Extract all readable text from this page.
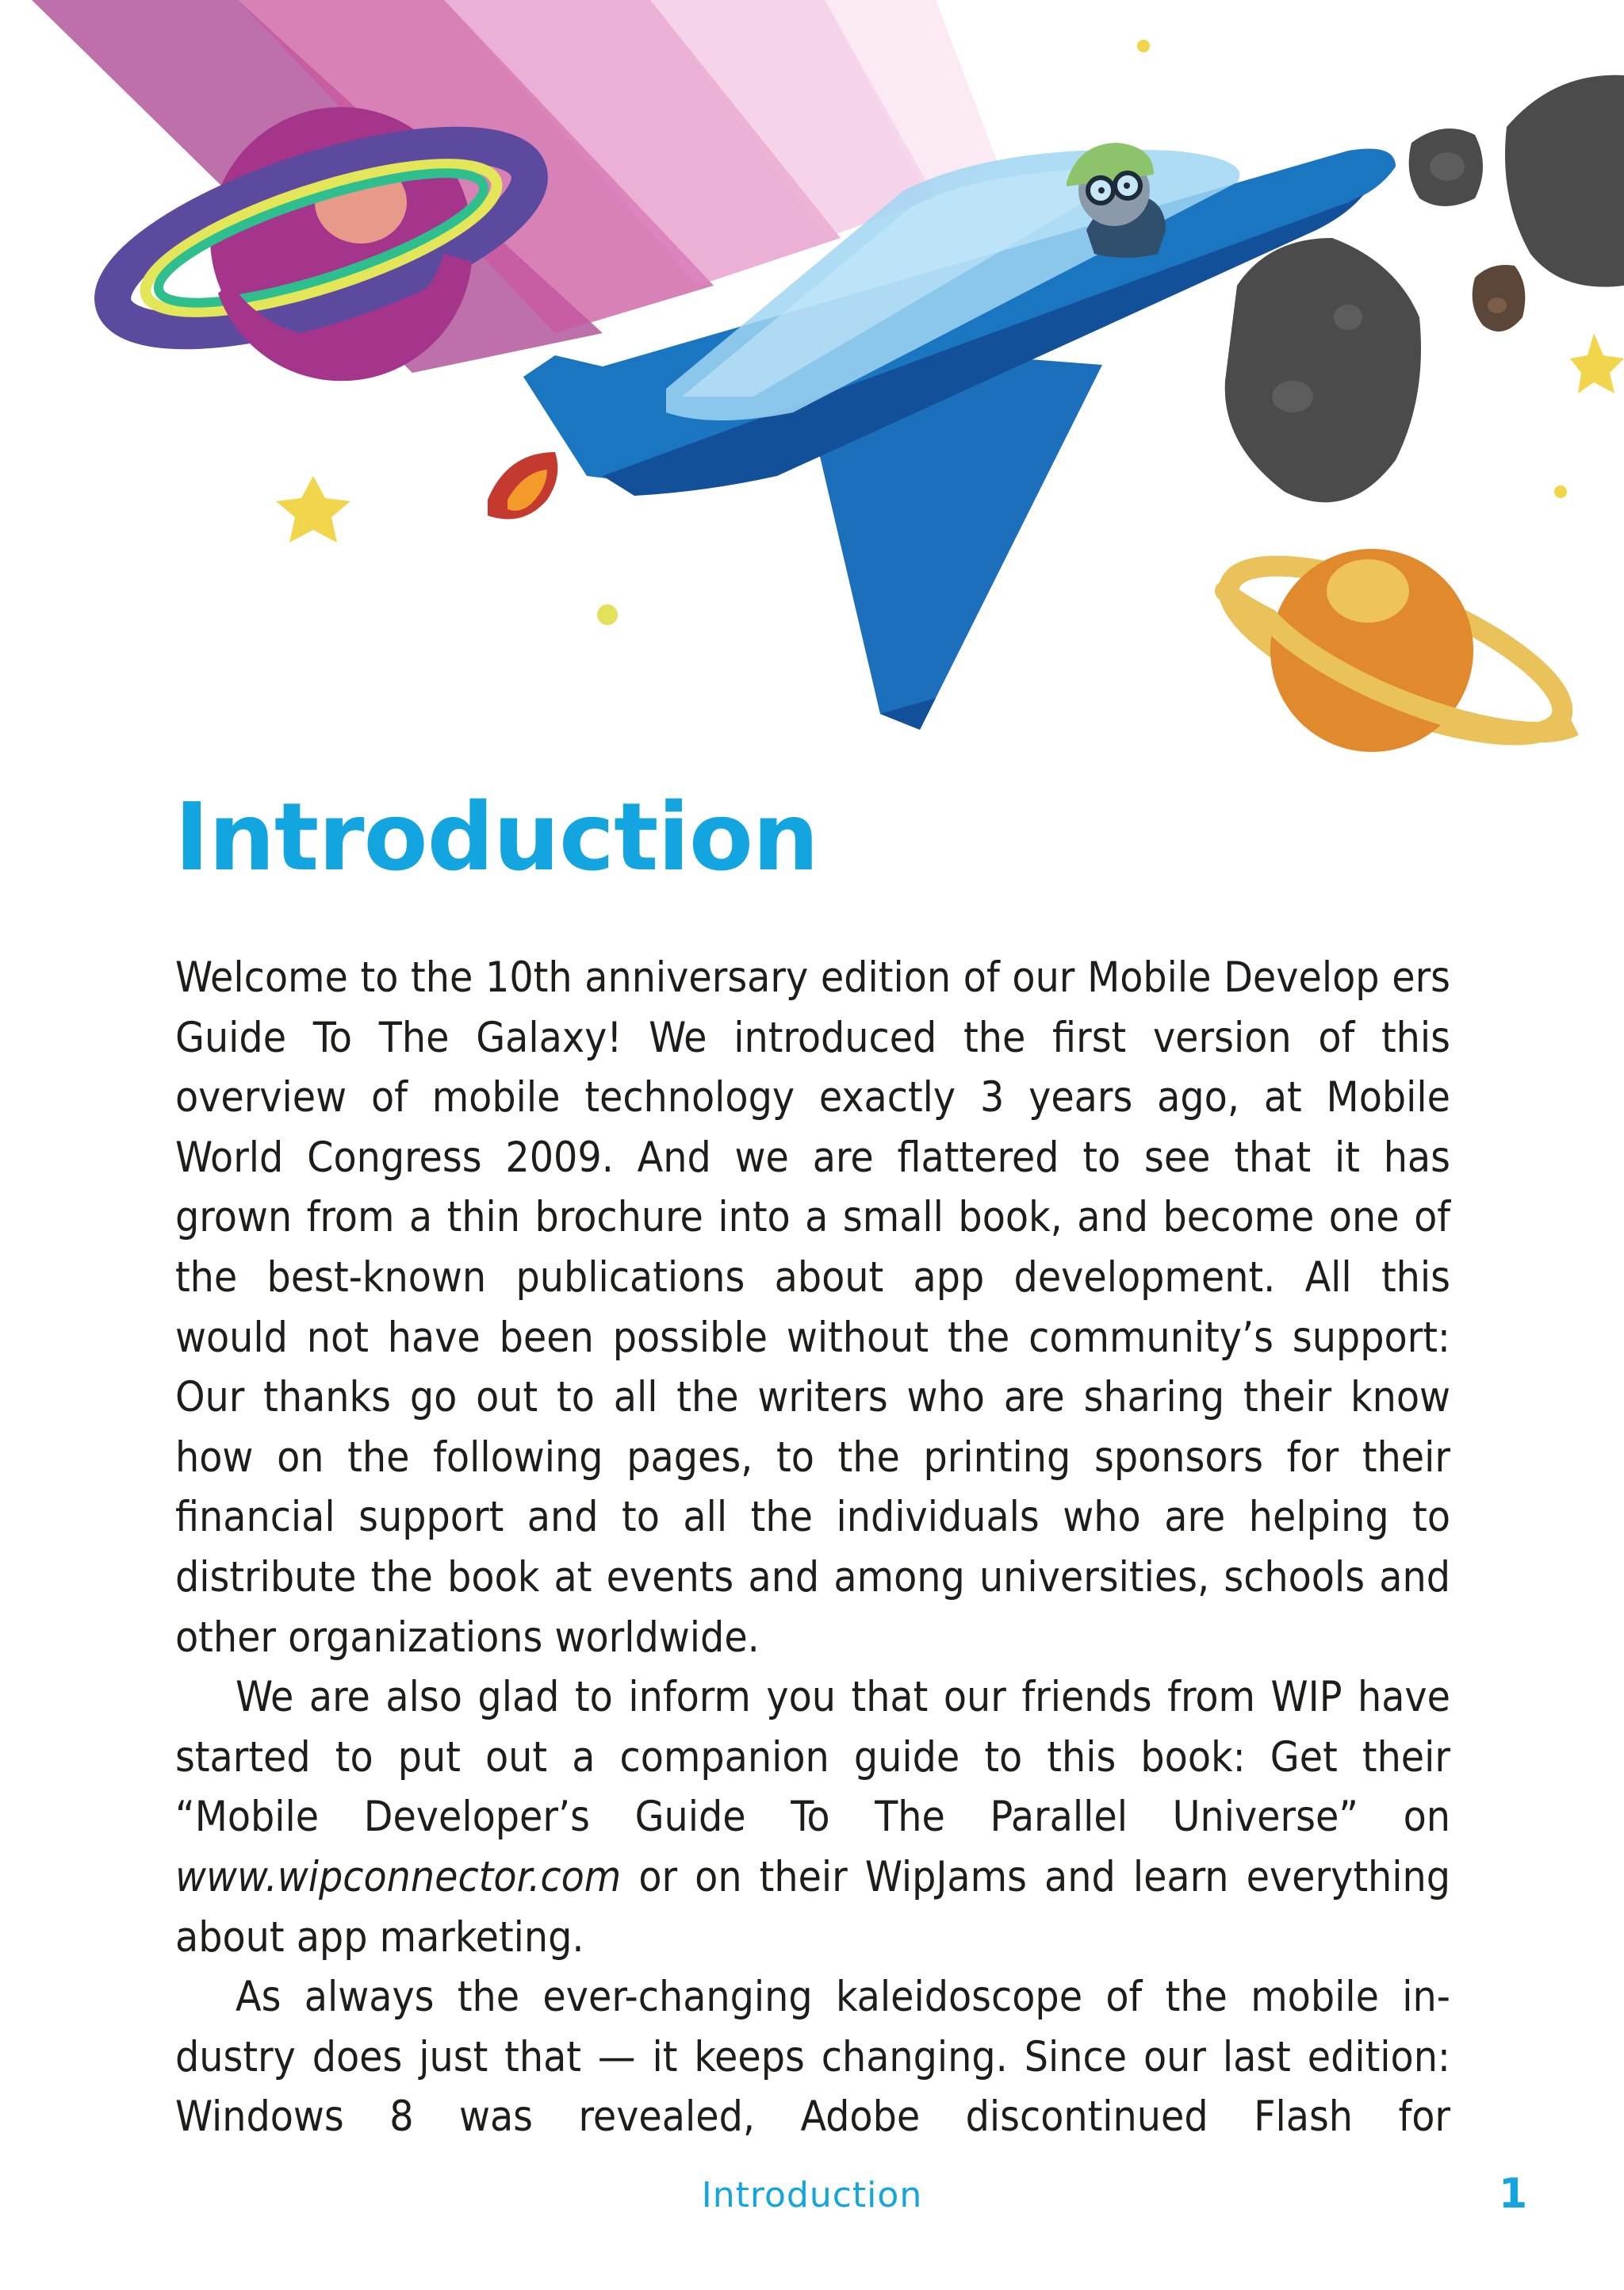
Introduction

Welcome to the 10th anniversary edition of our Mobile Develop ers Guide To The Galaxy! We introduced the first version of this overview of mobile technology exactly 3 years ago, at Mobile World Congress 2009. And we are flattered to see that it has grown from a thin brochure into a small book, and become one of the best-known publications about app development. All this would not have been possible without the community’s support: Our thanks go out to all the writers who are sharing their know how on the following pages, to the printing sponsors for their financial support and to all the individuals who are helping to distribute the book at events and among universities, schools and other organizations worldwide.

We are also glad to inform you that our friends from WIP have started to put out a companion guide to this book: Get their “Mobile Developer’s Guide To The Parallel Universe” on www.wipconnector.com or on their WipJams and learn everything about app marketing.

As always the ever-changing kaleidoscope of the mobile industry does just that — it keeps changing. Since our last edition: Windows 8 was revealed, Adobe discontinued Flash for

Introduction	1
